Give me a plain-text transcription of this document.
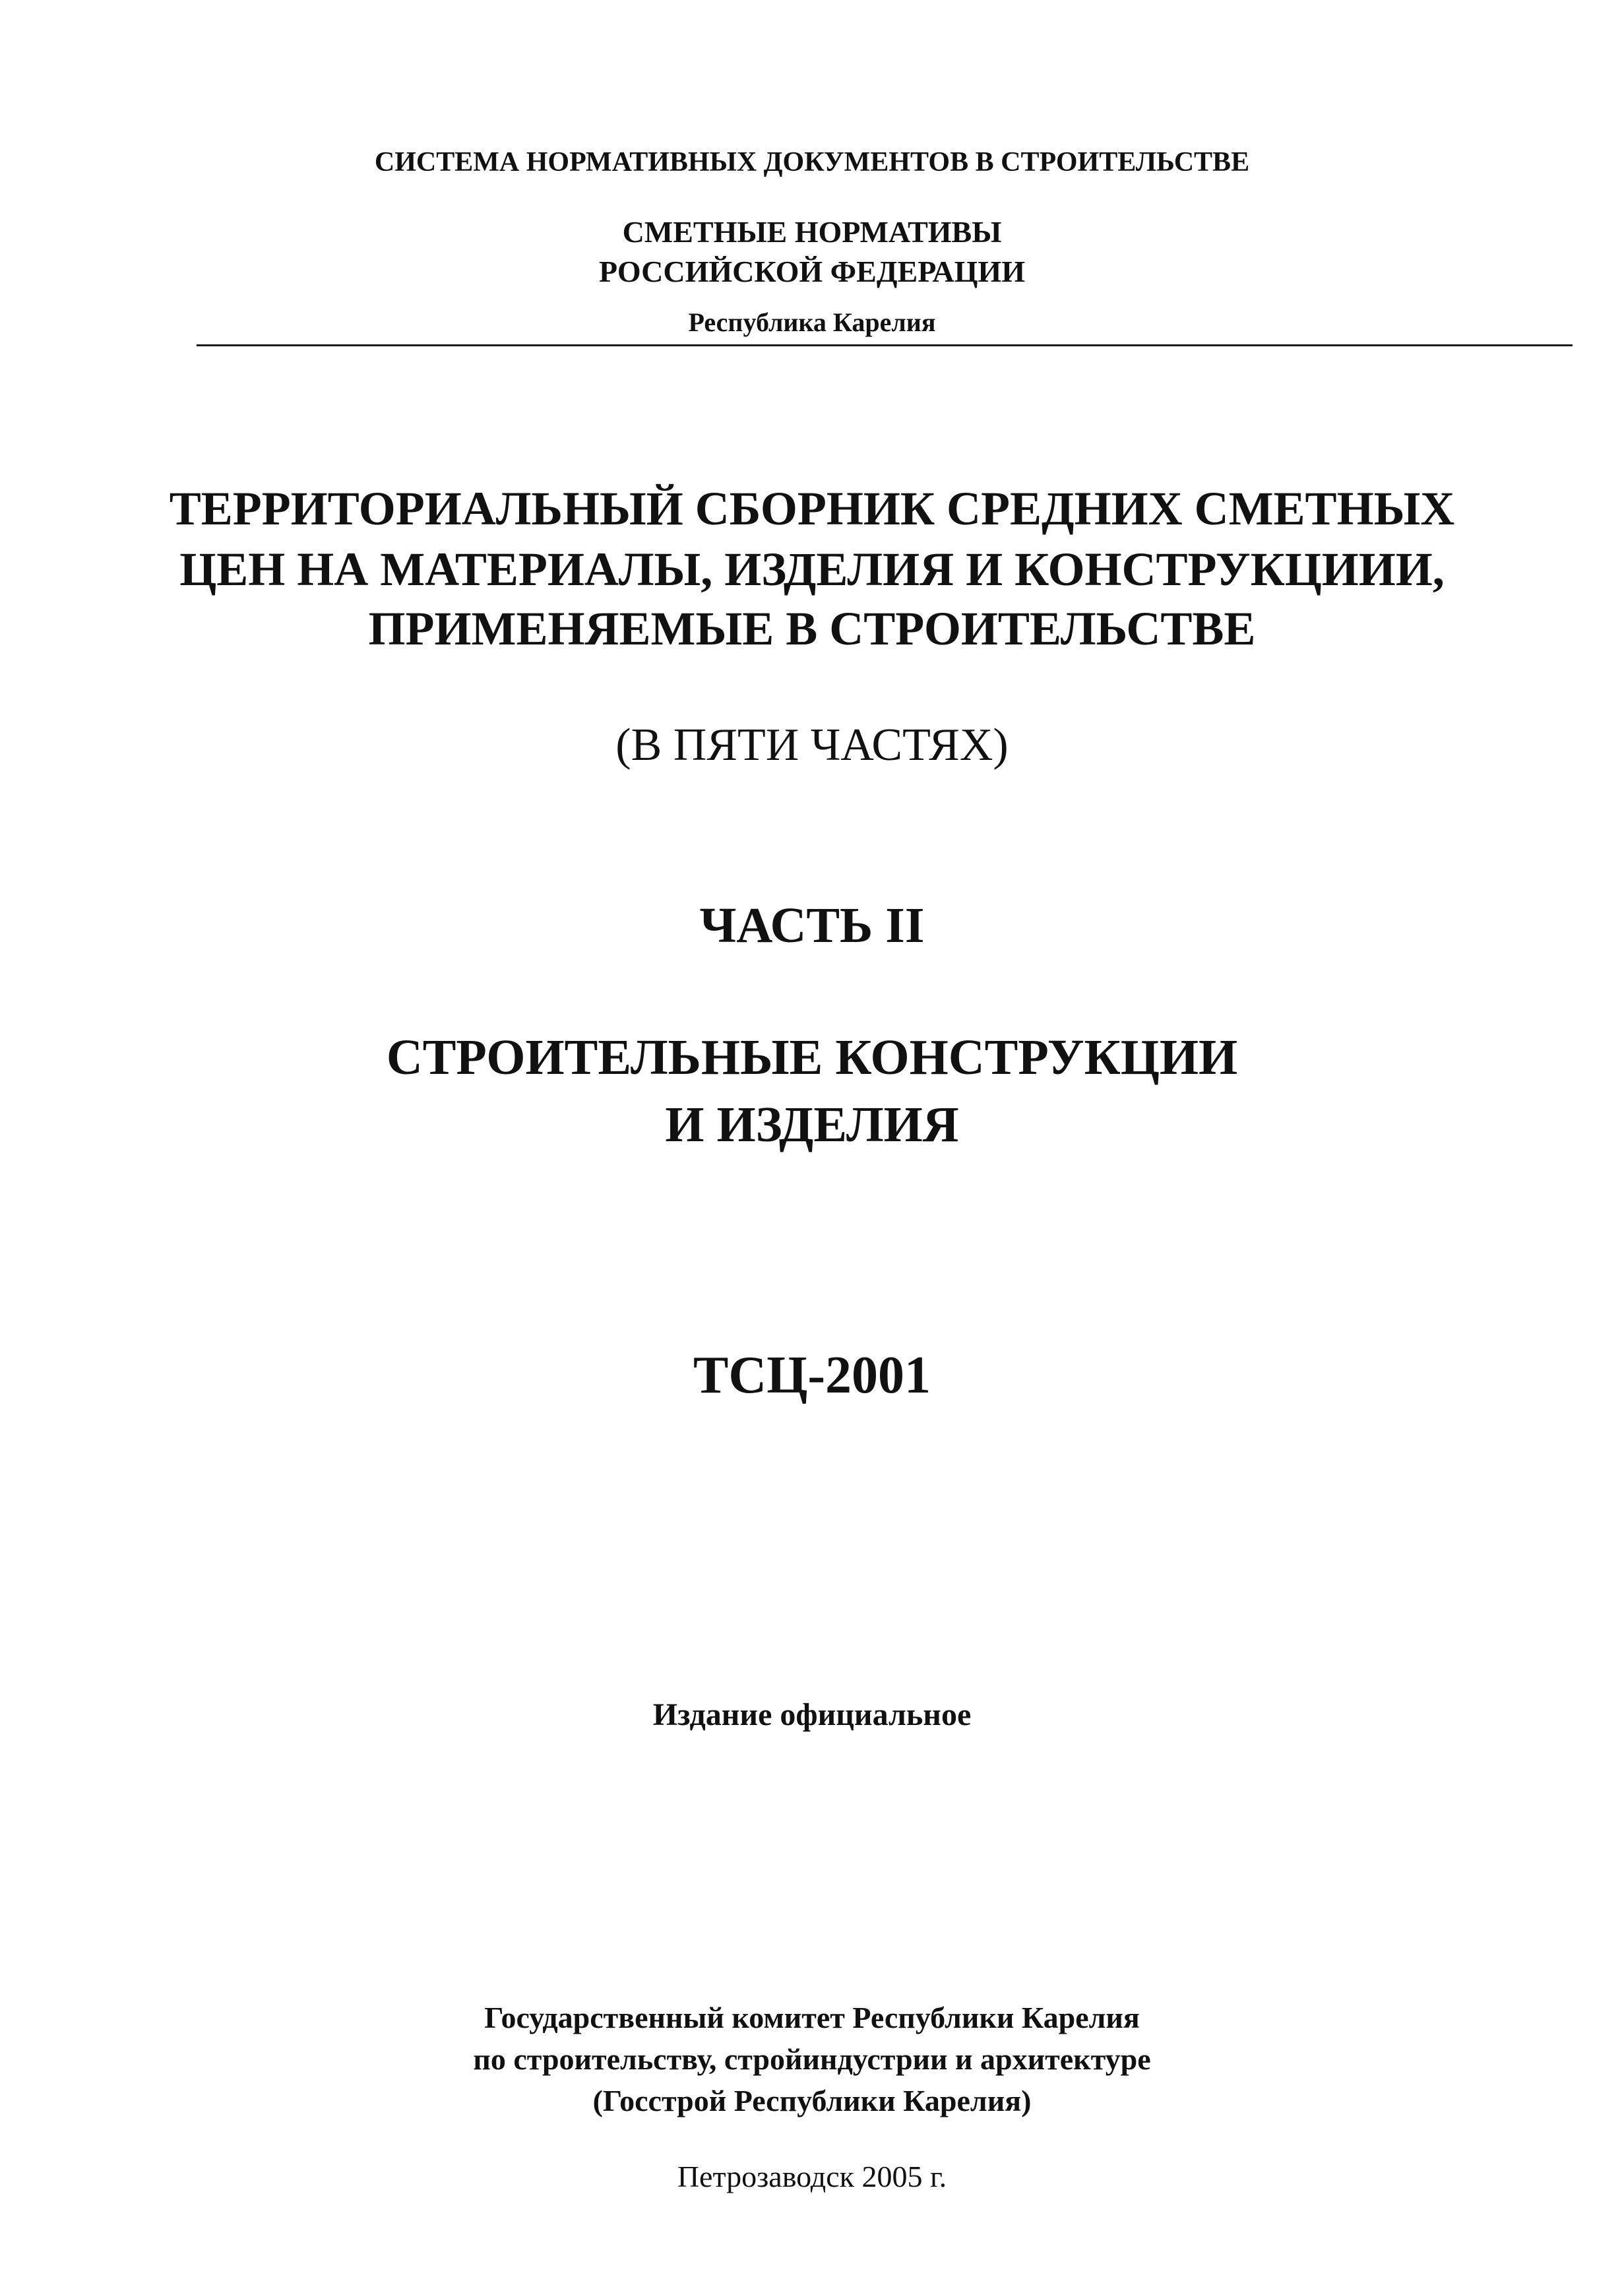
СИСТЕМА НОРМАТИВНЫХ ДОКУМЕНТОВ В СТРОИТЕЛЬСТВЕ

СМЕТНЫЕ НОРМАТИВЫ

РОССИЙСКОЙ ФЕДЕРАЦИИ

Республика Карелия

ТЕРРИТОРИАЛЬНЫЙ СБОРНИК СРЕДНИХ СМЕТНЫХ

ЦЕН НА МАТЕРИАЛЫ, ИЗДЕЛИЯ И КОНСТРУКЦИИИ,

ПРИМЕНЯЕМЫЕ В СТРОИТЕЛЬСТВЕ

(В ПЯТИ ЧАСТЯХ)

ЧАСТЬ II

СТРОИТЕЛЬНЫЕ КОНСТРУКЦИИ

И ИЗДЕЛИЯ

ТСЦ-2001

Издание официальное

Государственный комитет Республики Карелия

по строительству, стройиндустрии и архитектуре

(Госстрой Республики Карелия)

Петрозаводск 2005 г.
